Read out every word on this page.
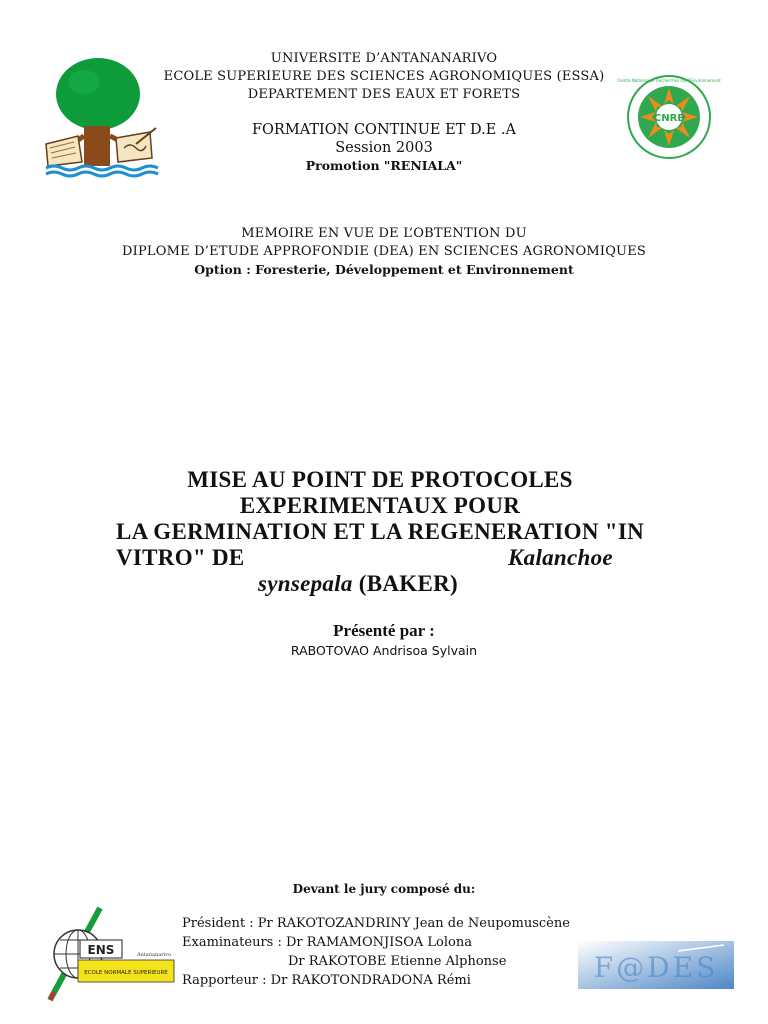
CNRE
Centre National de Recherches sur l'Environnement
UNIVERSITE D’ANTANANARIVO
ECOLE SUPERIEURE DES SCIENCES AGRONOMIQUES (ESSA)
DEPARTEMENT DES EAUX ET FORETS
FORMATION CONTINUE ET D.E .A
Session 2003
Promotion "RENIALA"
MEMOIRE EN VUE DE L’OBTENTION DU
DIPLOME D’ETUDE APPROFONDIE (DEA) EN SCIENCES AGRONOMIQUES
Option : Foresterie, Développement et Environnement
MISE AU POINT DE PROTOCOLES
EXPERIMENTAUX POUR
LA GERMINATION ET LA REGENERATION "IN
VITRO" DE	Kalanchoe
synsepala (BAKER)
Présenté par :
RABOTOVAO Andrisoa Sylvain
Devant le jury composé du:
Président : Pr RAKOTOZANDRINY Jean de Neupomuscène
Examinateurs : Dr RAMAMONJISOA Lolona
Dr RAKOTOBE Etienne Alphonse
Rapporteur : Dr RAKOTONDRADONA Rémi
ENS	Antananarivo
ECOLE NORMALE SUPERIEURE	F@DES
